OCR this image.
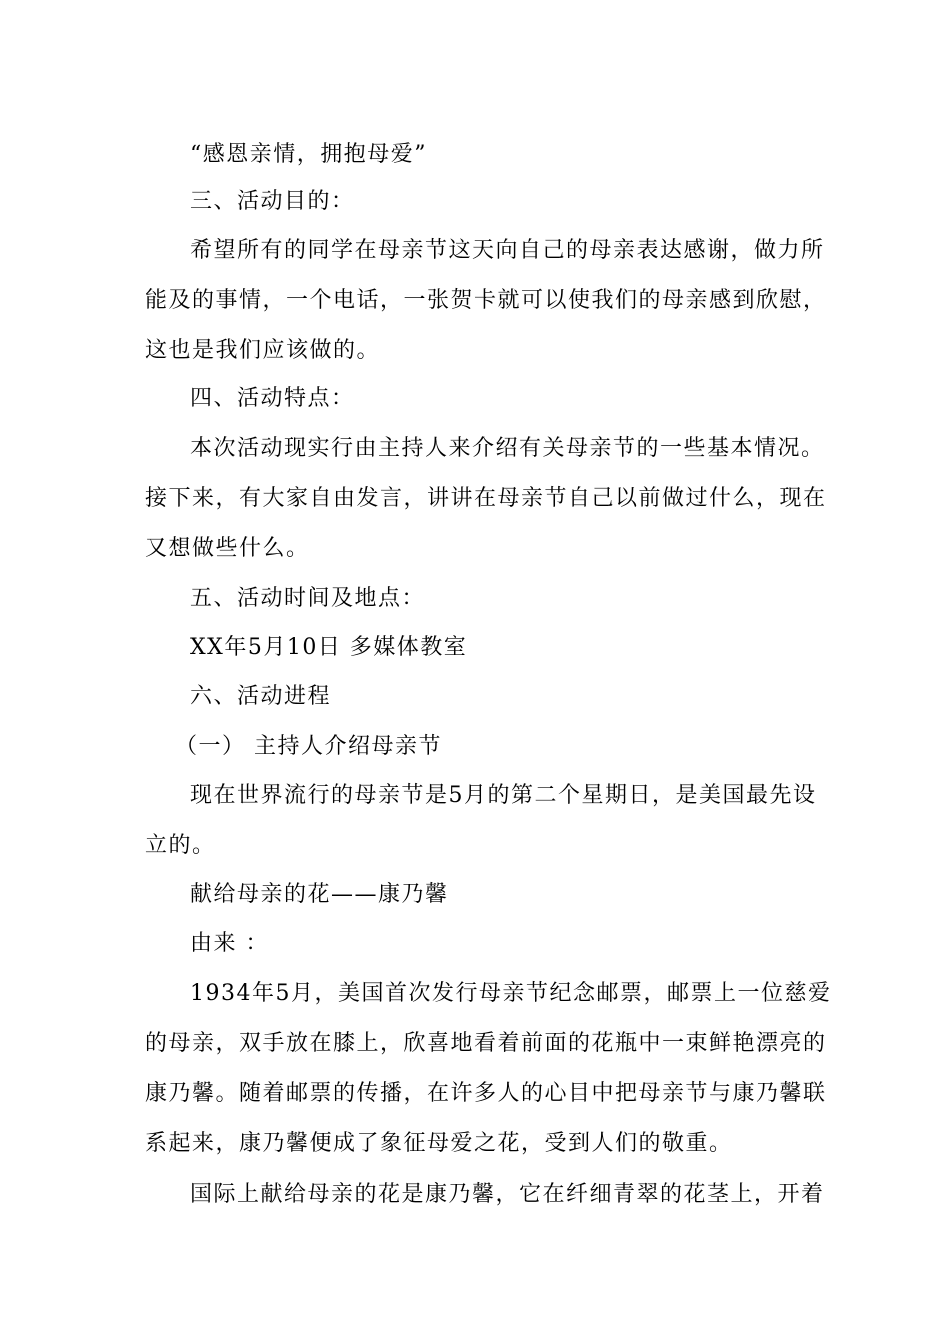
“感恩亲情，拥抱母爱”
三、活动目的：
希望所有的同学在母亲节这天向自己的母亲表达感谢，做力所
能及的事情，一个电话，一张贺卡就可以使我们的母亲感到欣慰，
这也是我们应该做的。
四、活动特点：
本次活动现实行由主持人来介绍有关母亲节的一些基本情况。
接下来，有大家自由发言，讲讲在母亲节自己以前做过什么，现在
又想做些什么。
五、活动时间及地点：
XX年5月10日 多媒体教室
六、活动进程
（一） 主持人介绍母亲节
现在世界流行的母亲节是5月的第二个星期日，是美国最先设
立的。
献给母亲的花——康乃馨
由来 ：
1934年5月，美国首次发行母亲节纪念邮票，邮票上一位慈爱
的母亲，双手放在膝上，欣喜地看着前面的花瓶中一束鲜艳漂亮的
康乃馨。随着邮票的传播，在许多人的心目中把母亲节与康乃馨联
系起来，康乃馨便成了象征母爱之花，受到人们的敬重。
国际上献给母亲的花是康乃馨，它在纤细青翠的花茎上，开着
